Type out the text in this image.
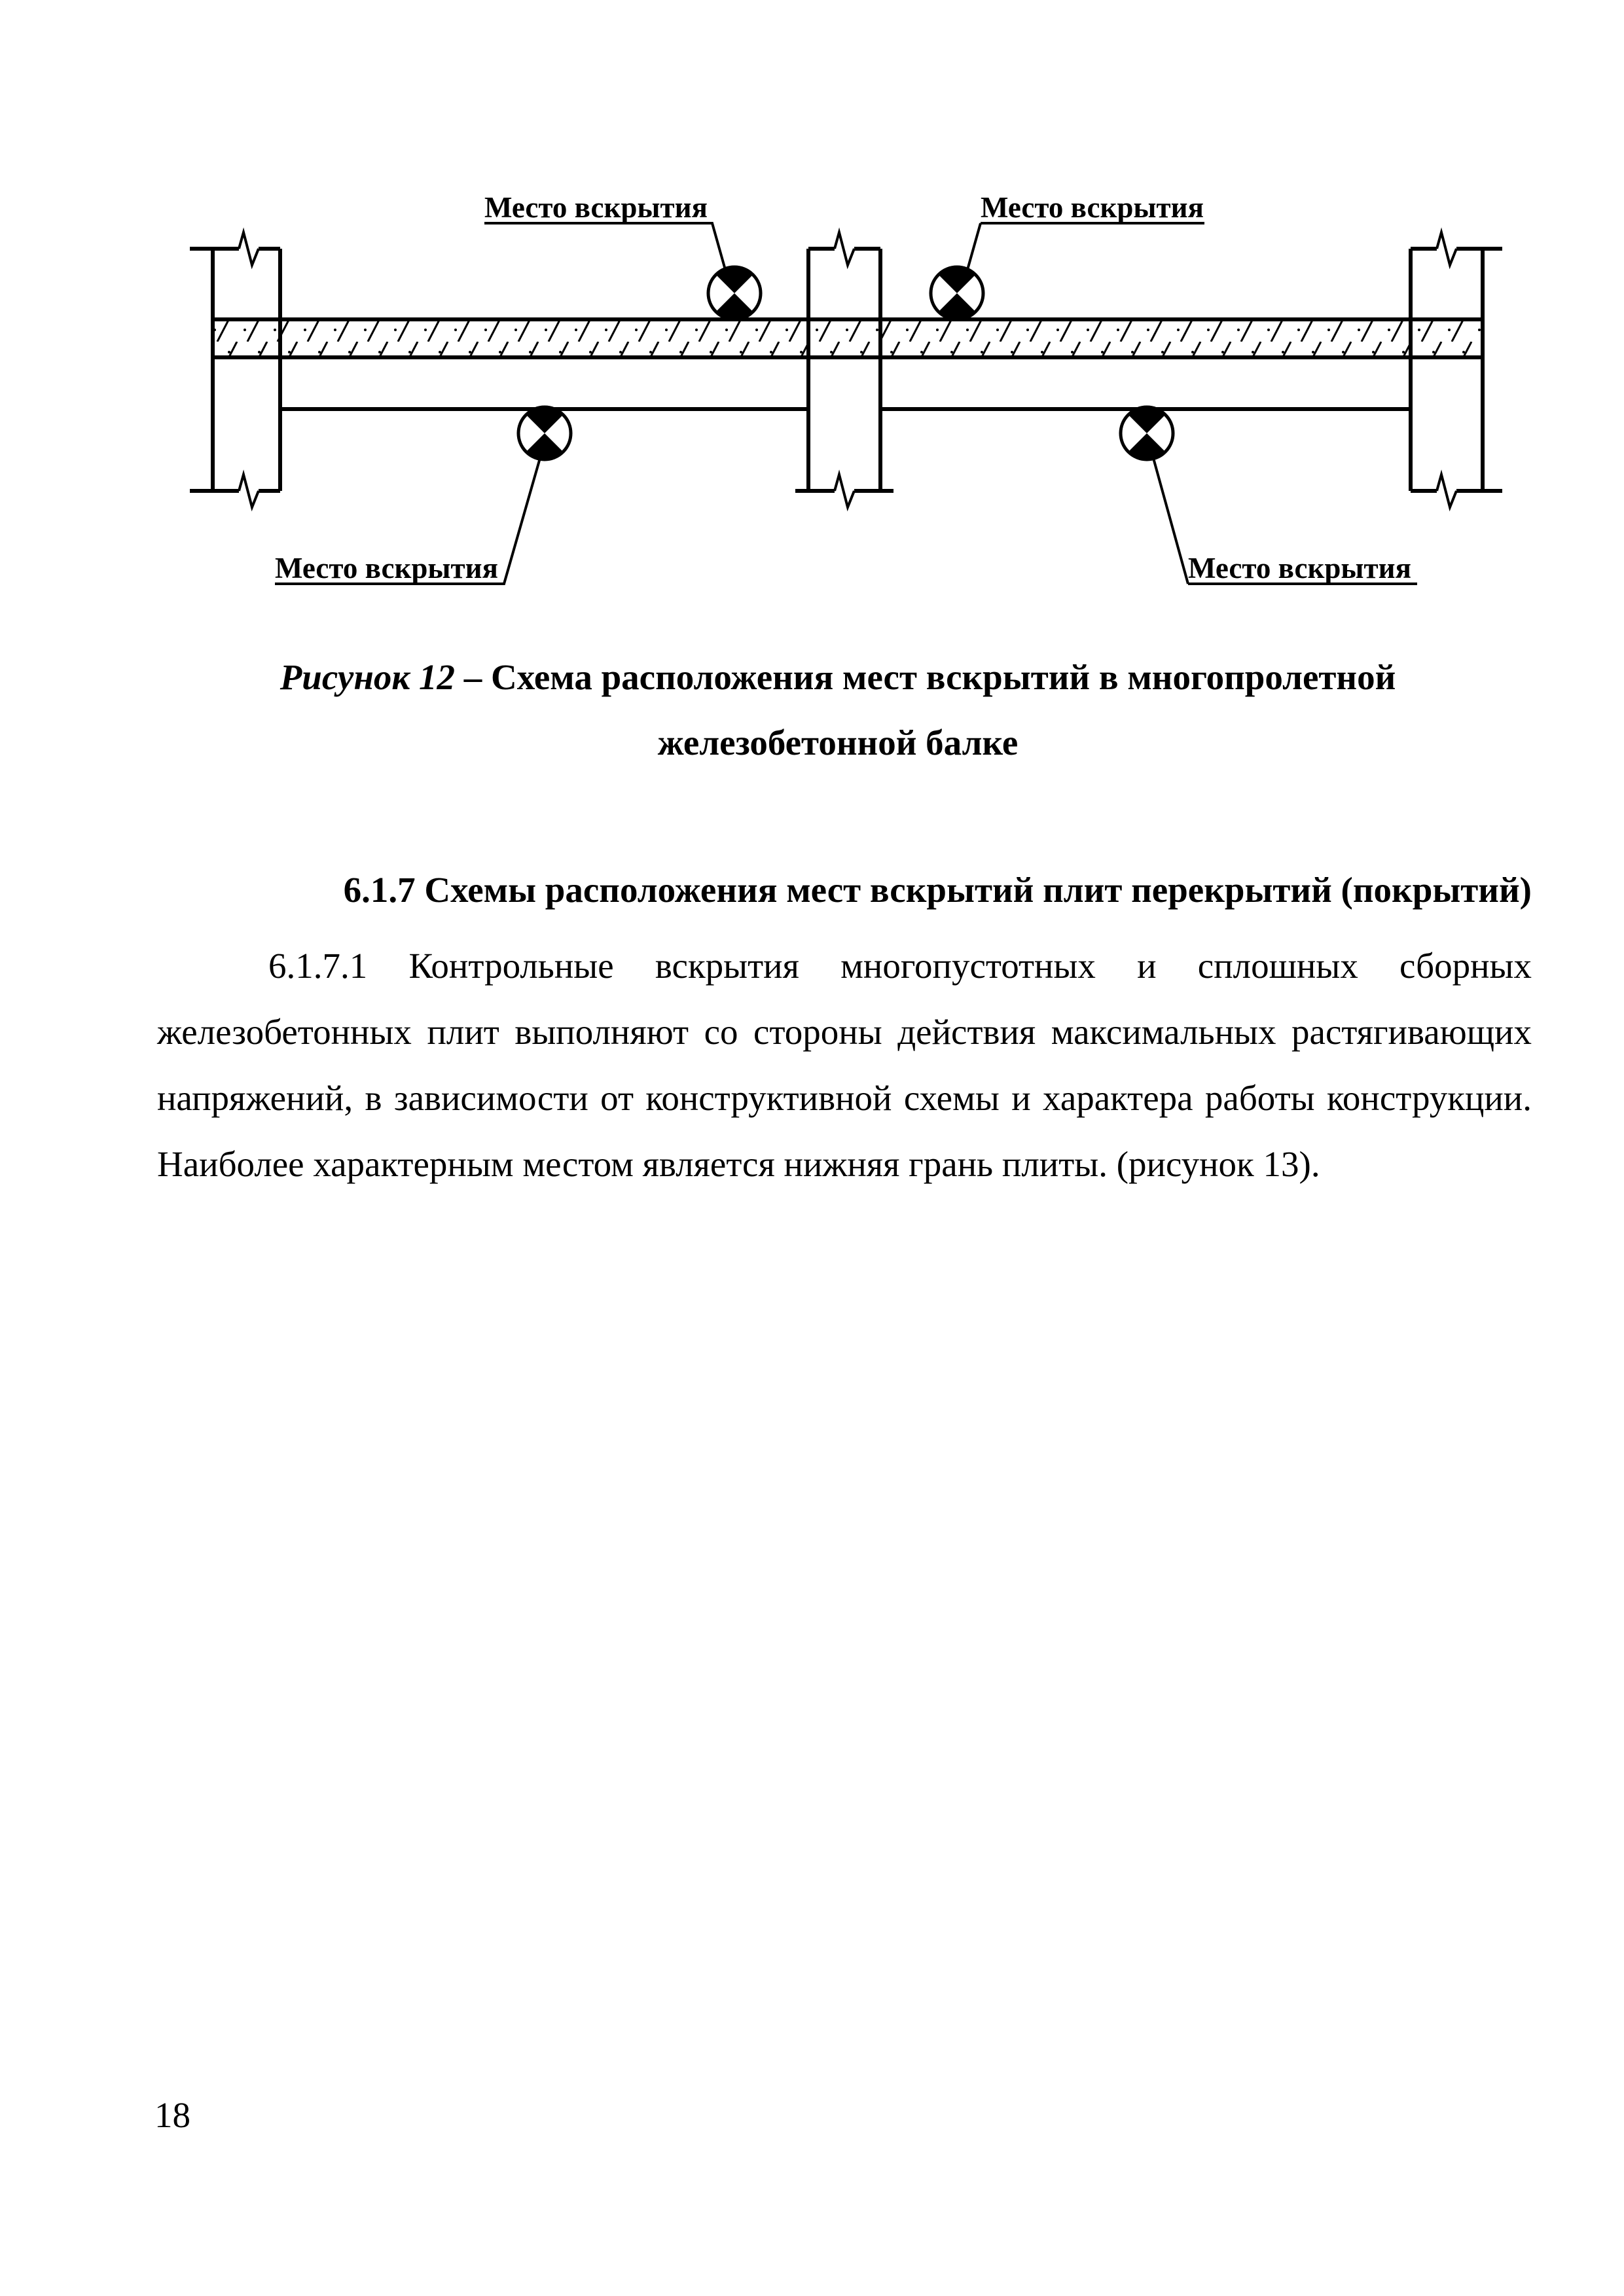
Место вскрытия	Место вскрытия
Место вскрытия	Место вскрытия
Рисунок 12 – Схема расположения мест вскрытий в многопролетной
железобетонной балке
6.1.7 Схемы расположения мест вскрытий плит перекрытий (покрытий)

6.1.7.1 Контрольные вскрытия многопустотных и сплошных сборных железобетонных плит выполняют со стороны действия максимальных растягивающих напряжений, в зависимости от конструктивной схемы и характера работы конструкции. Наиболее характерным местом является нижняя грань плиты. (рисунок 13).

18
